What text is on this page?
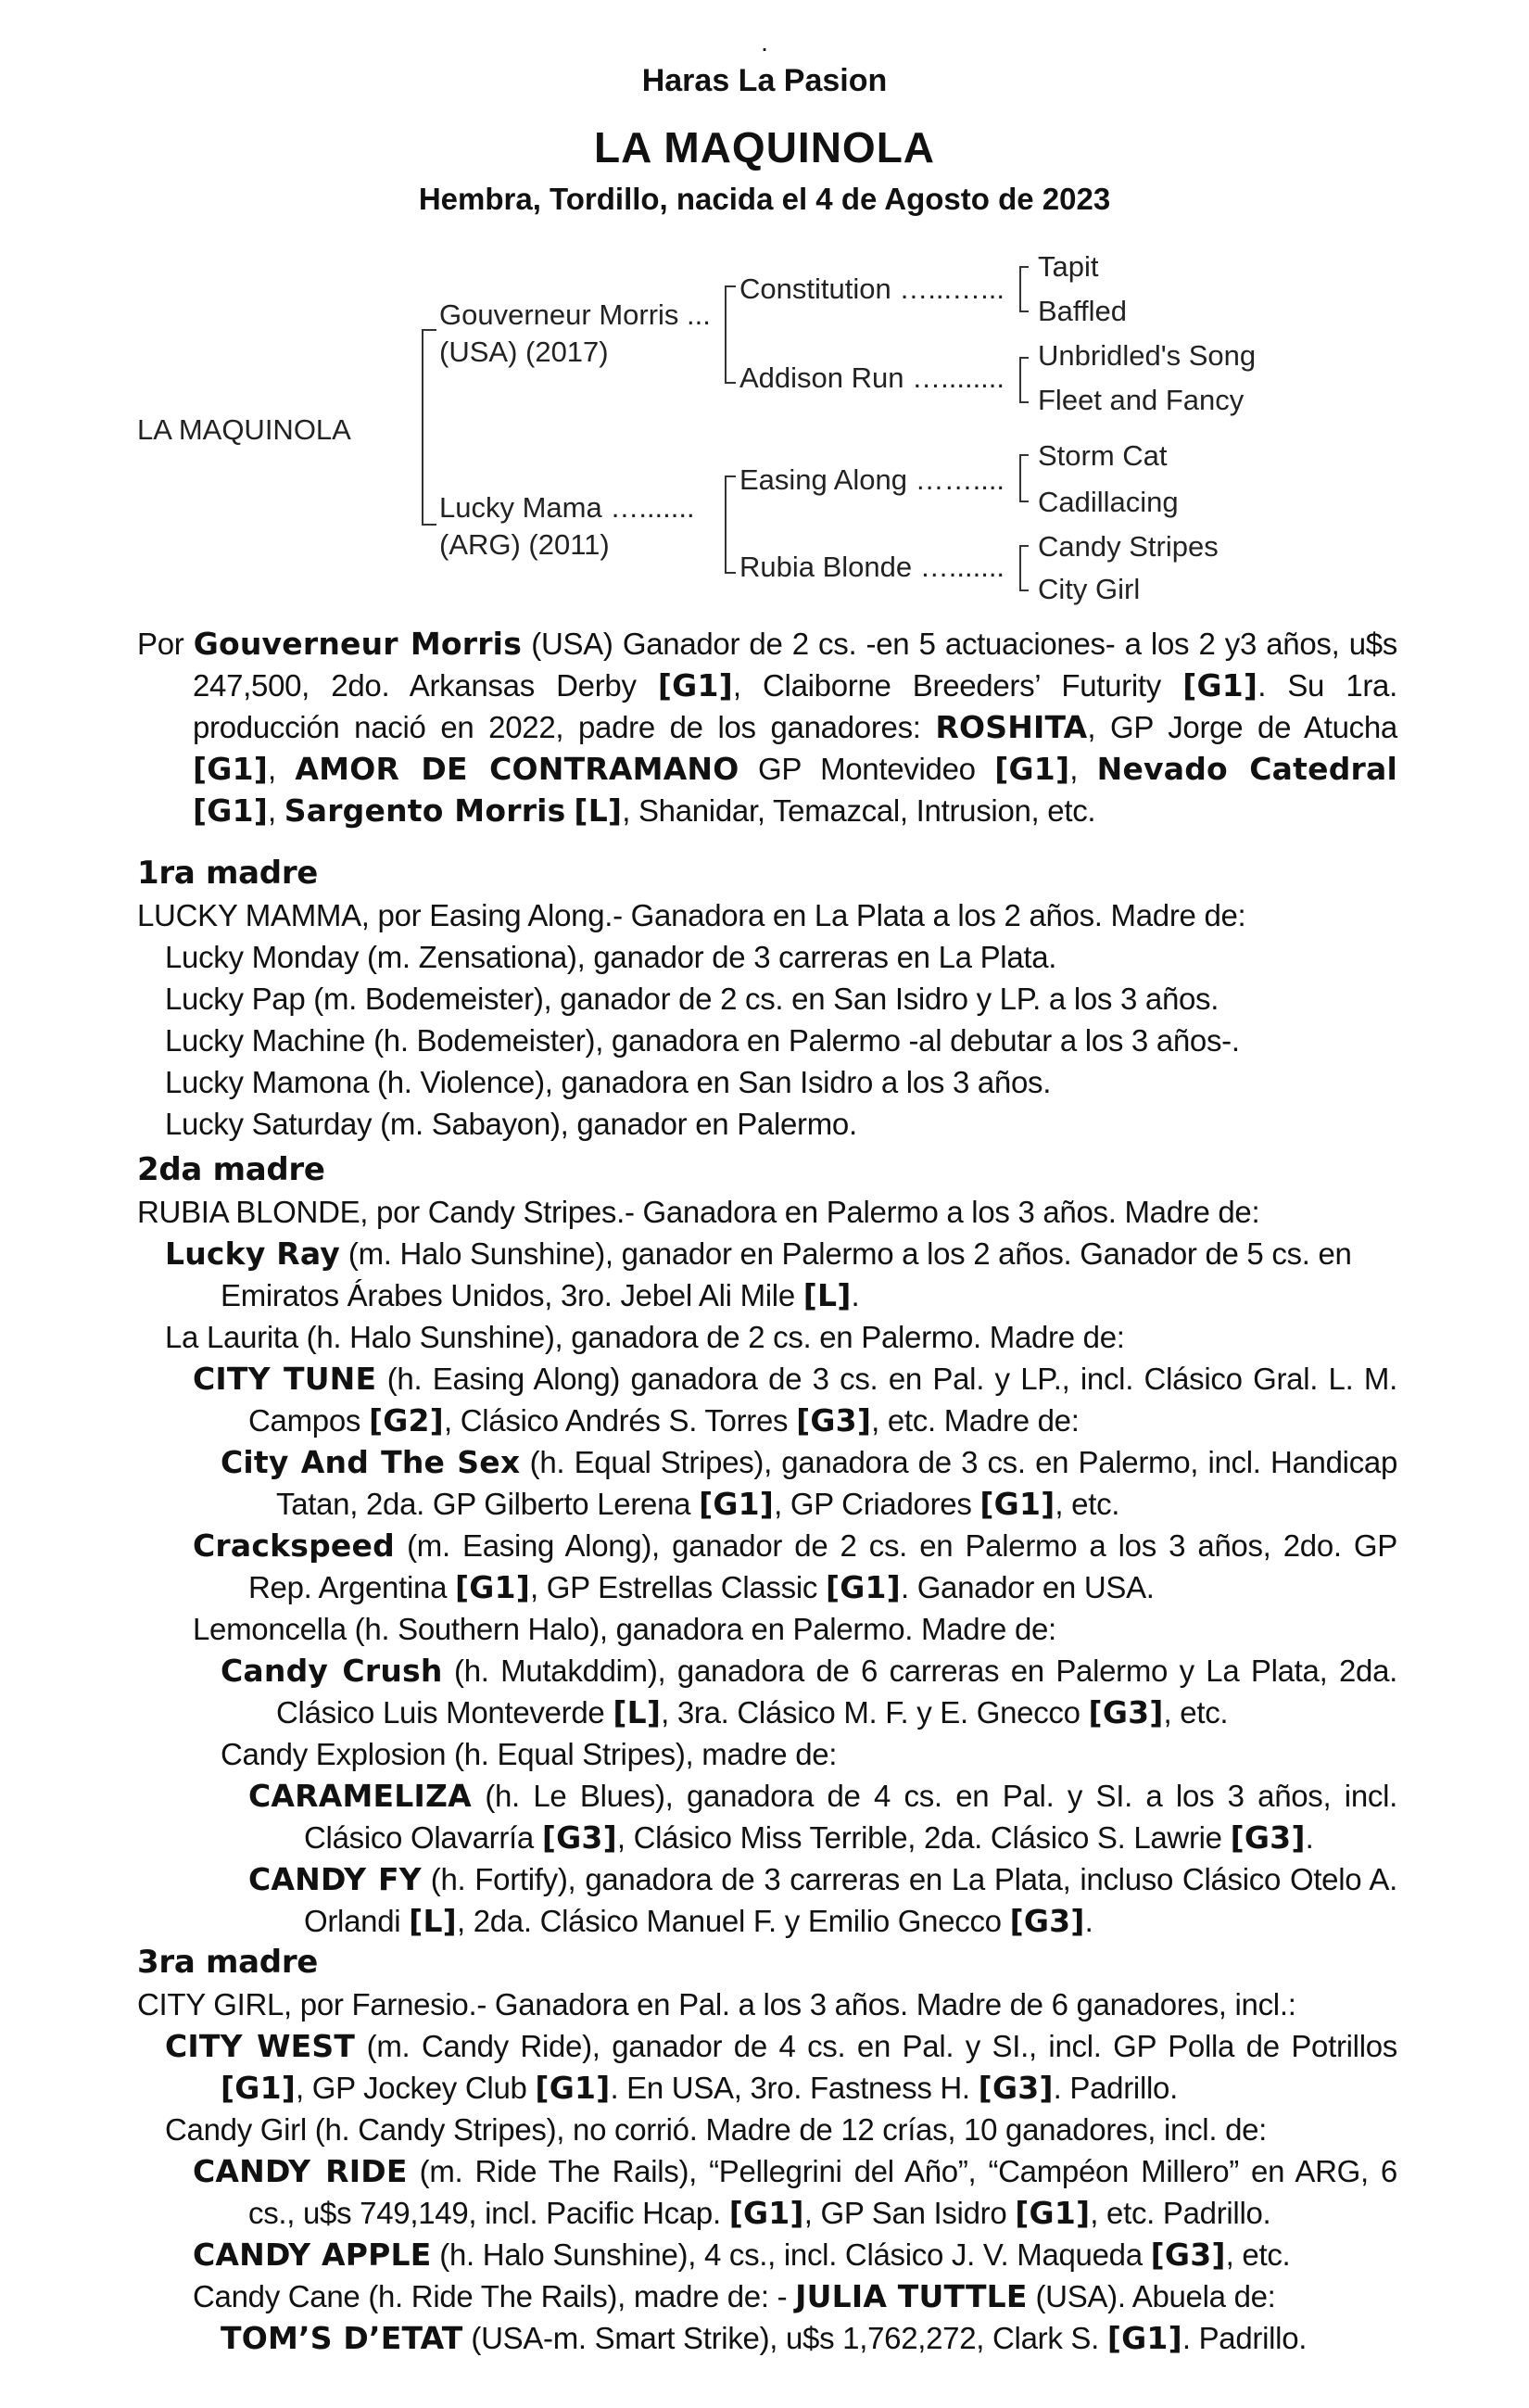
.
Haras La Pasion
LA MAQUINOLA
Hembra, Tordillo, nacida el 4 de Agosto de 2023
LA MAQUINOLA
Gouverneur Morris ...
(USA) (2017)
Lucky Mama ….......
(ARG) (2011)
Constitution …...…...
Addison Run …........
Easing Along ……....
Rubia Blonde ….......
Tapit
Baffled
Unbridled's Song
Fleet and Fancy
Storm Cat
Cadillacing
Candy Stripes
City Girl

Por Gouverneur Morris (USA) Ganador de 2 cs. -en 5 actuaciones- a los 2 y3 años, u$s 247,500, 2do. Arkansas Derby [G1], Claiborne Breeders’ Futurity [G1]. Su 1ra. producción nació en 2022, padre de los ganadores: ROSHITA, GP Jorge de Atucha [G1], AMOR DE CONTRAMANO GP Montevideo [G1], Nevado Catedral [G1], Sargento Morris [L], Shanidar, Temazcal, Intrusion, etc.

1ra madre

LUCKY MAMMA, por Easing Along.- Ganadora en La Plata a los 2 años. Madre de:

Lucky Monday (m. Zensationa), ganador de 3 carreras en La Plata.

Lucky Pap (m. Bodemeister), ganador de 2 cs. en San Isidro y LP. a los 3 años.

Lucky Machine (h. Bodemeister), ganadora en Palermo -al debutar a los 3 años-.

Lucky Mamona (h. Violence), ganadora en San Isidro a los 3 años.

Lucky Saturday (m. Sabayon), ganador en Palermo.

2da madre

RUBIA BLONDE, por Candy Stripes.- Ganadora en Palermo a los 3 años. Madre de:

Lucky Ray (m. Halo Sunshine), ganador en Palermo a los 2 años. Ganador de 5 cs. en Emiratos Árabes Unidos, 3ro. Jebel Ali Mile [L].

La Laurita (h. Halo Sunshine), ganadora de 2 cs. en Palermo. Madre de:

CITY TUNE (h. Easing Along) ganadora de 3 cs. en Pal. y LP., incl. Clásico Gral. L. M. Campos [G2], Clásico Andrés S. Torres [G3], etc. Madre de:

City And The Sex (h. Equal Stripes), ganadora de 3 cs. en Palermo, incl. Handicap Tatan, 2da. GP Gilberto Lerena [G1], GP Criadores [G1], etc.

Crackspeed (m. Easing Along), ganador de 2 cs. en Palermo a los 3 años, 2do. GP Rep. Argentina [G1], GP Estrellas Classic [G1]. Ganador en USA.

Lemoncella (h. Southern Halo), ganadora en Palermo. Madre de:

Candy Crush (h. Mutakddim), ganadora de 6 carreras en Palermo y La Plata, 2da. Clásico Luis Monteverde [L], 3ra. Clásico M. F. y E. Gnecco [G3], etc.

Candy Explosion (h. Equal Stripes), madre de:

CARAMELIZA (h. Le Blues), ganadora de 4 cs. en Pal. y SI. a los 3 años, incl. Clásico Olavarría [G3], Clásico Miss Terrible, 2da. Clásico S. Lawrie [G3].

CANDY FY (h. Fortify), ganadora de 3 carreras en La Plata, incluso Clásico Otelo A. Orlandi [L], 2da. Clásico Manuel F. y Emilio Gnecco [G3].

3ra madre

CITY GIRL, por Farnesio.- Ganadora en Pal. a los 3 años. Madre de 6 ganadores, incl.:

CITY WEST (m. Candy Ride), ganador de 4 cs. en Pal. y SI., incl. GP Polla de Potrillos [G1], GP Jockey Club [G1]. En USA, 3ro. Fastness H. [G3]. Padrillo.

Candy Girl (h. Candy Stripes), no corrió. Madre de 12 crías, 10 ganadores, incl. de:

CANDY RIDE (m. Ride The Rails), “Pellegrini del Año”, “Campéon Millero” en ARG, 6 cs., u$s 749,149, incl. Pacific Hcap. [G1], GP San Isidro [G1], etc. Padrillo.

CANDY APPLE (h. Halo Sunshine), 4 cs., incl. Clásico J. V. Maqueda [G3], etc.

Candy Cane (h. Ride The Rails), madre de: - JULIA TUTTLE (USA). Abuela de:

TOM’S D’ETAT (USA-m. Smart Strike), u$s 1,762,272, Clark S. [G1]. Padrillo.
